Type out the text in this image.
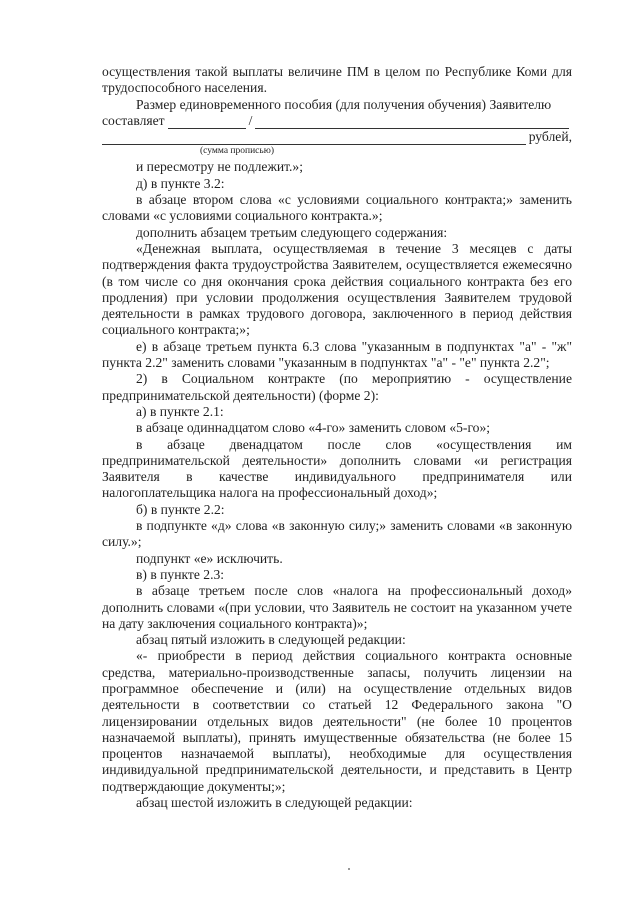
осуществления такой выплаты величине ПМ в целом по Республике Коми для трудоспособного населения.

Размер единовременного пособия (для получения обучения) Заявителю

составляет	/
рублей,
(сумма прописью)

и пересмотру не подлежит.»;

д) в пункте 3.2:

в абзаце втором слова «с условиями социального контракта;» заменить словами «с условиями социального контракта.»;

дополнить абзацем третьим следующего содержания:

«Денежная выплата, осуществляемая в течение 3 месяцев с даты подтверждения факта трудоустройства Заявителем, осуществляется ежемесячно (в том числе со дня окончания срока действия социального контракта без его продления) при условии продолжения осуществления Заявителем трудовой деятельности в рамках трудового договора, заключенного в период действия социального контракта;»;

е) в абзаце третьем пункта 6.3 слова "указанным в подпунктах "а" - "ж" пункта 2.2" заменить словами "указанным в подпунктах "а" - "е" пункта 2.2";

2) в Социальном контракте (по мероприятию - осуществление предпринимательской деятельности) (форме 2):

а) в пункте 2.1:

в абзаце одиннадцатом слово «4-го» заменить словом «5-го»;

в абзаце двенадцатом после слов «осуществления им предпринимательской деятельности» дополнить словами «и регистрация Заявителя в качестве индивидуального предпринимателя или налогоплательщика налога на профессиональный доход»;

б) в пункте 2.2:

в подпункте «д» слова «в законную силу;» заменить словами «в законную силу.»;

подпункт «е» исключить.

в) в пункте 2.3:

в абзаце третьем после слов «налога на профессиональный доход» дополнить словами «(при условии, что Заявитель не состоит на указанном учете на дату заключения социального контракта)»;

абзац пятый изложить в следующей редакции:

«- приобрести в период действия социального контракта основные средства, материально-производственные запасы, получить лицензии на программное обеспечение и (или) на осуществление отдельных видов деятельности в соответствии со статьей 12 Федерального закона "О лицензировании отдельных видов деятельности" (не более 10 процентов назначаемой выплаты), принять имущественные обязательства (не более 15 процентов назначаемой выплаты), необходимые для осуществления индивидуальной предпринимательской деятельности, и представить в Центр подтверждающие документы;»;

абзац шестой изложить в следующей редакции:
